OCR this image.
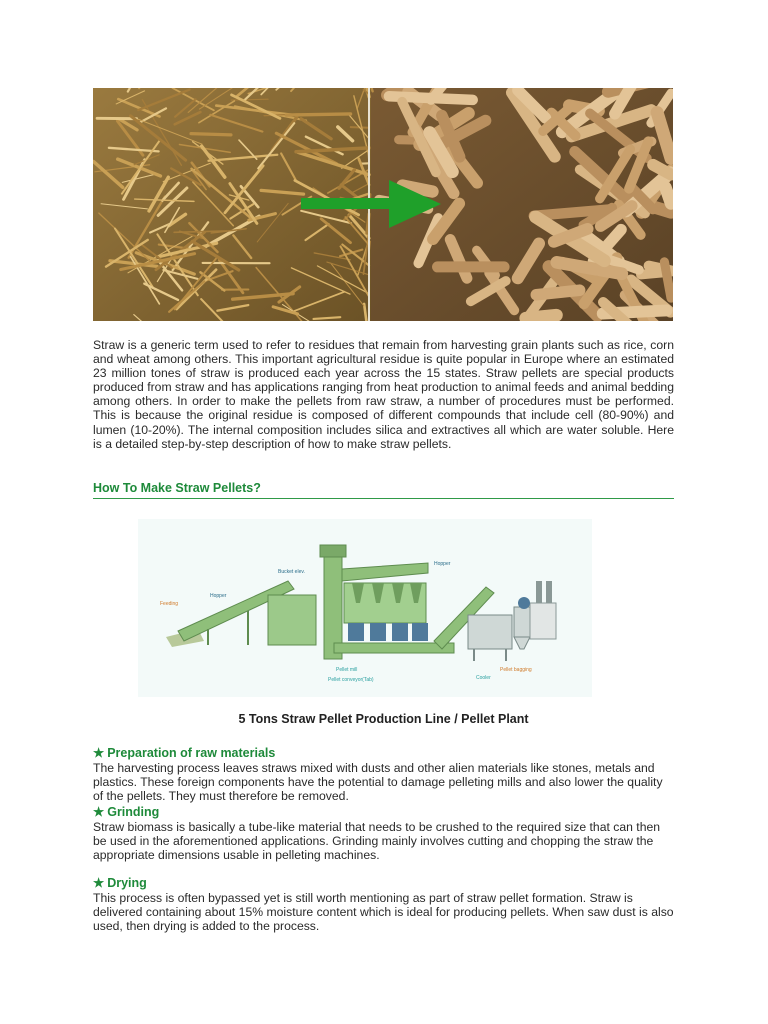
Straw is a generic term used to refer to residues that remain from harvesting grain plants such as rice, corn and wheat among others. This important agricultural residue is quite popular in Europe where an estimated 23 million tones of straw is produced each year across the 15 states. Straw pellets are special products produced from straw and has applications ranging from heat production to animal feeds and animal bedding among others. In order to make the pellets from raw straw, a number of procedures must be performed. This is because the original residue is composed of different compounds that include cell (80-90%) and lumen (10-20%). The internal composition includes silica and extractives all which are water soluble. Here is a detailed step-by-step description of how to make straw pellets.

How To Make Straw Pellets?
Feeding
Hopper
Bucket elev.
Hopper
Pellet mill
Pellet conveyor(Tab)	Cooler
Pellet bagging
5 Tons Straw Pellet Production Line / Pellet Plant
★ Preparation of raw materials

The harvesting process leaves straws mixed with dusts and other alien materials like stones, metals and plastics. These foreign components have the potential to damage pelleting mills and also lower the quality of the pellets. They must therefore be removed.

★ Grinding

Straw biomass is basically a tube-like material that needs to be crushed to the required size that can then be used in the aforementioned applications. Grinding mainly involves cutting and chopping the straw the appropriate dimensions usable in pelleting machines.

★ Drying

This process is often bypassed yet is still worth mentioning as part of straw pellet formation. Straw is delivered containing about 15% moisture content which is ideal for producing pellets. When saw dust is also used, then drying is added to the process.
